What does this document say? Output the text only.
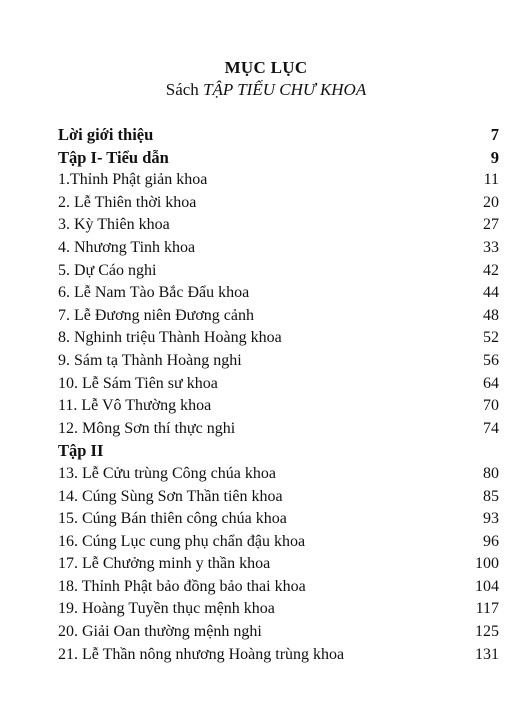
MỤC LỤC
Sách TẬP TIẾU CHƯ KHOA
Lời giới thiệu	7
Tập I- Tiểu dẫn	9
1.Thỉnh Phật giản khoa	11
2. Lễ Thiên thời khoa	20
3. Kỳ Thiên khoa	27
4. Nhương Tinh khoa	33
5. Dự Cáo nghi	42
6. Lễ Nam Tào Bắc Đẩu khoa	44
7. Lễ Đương niên Đương cảnh	48
8. Nghinh triệu Thành Hoàng khoa	52
9. Sám tạ Thành Hoàng nghi	56
10. Lễ Sám Tiên sư khoa	64
11. Lễ Vô Thường khoa	70
12. Mông Sơn thí thực nghi	74
Tập II
13. Lễ Cửu trùng Công chúa khoa	80
14. Cúng Sùng Sơn Thần tiên khoa	85
15. Cúng Bán thiên công chúa khoa	93
16. Cúng Lục cung phụ chẩn đậu khoa	96
17. Lễ Chưởng minh y thần khoa	100
18. Thỉnh Phật bảo đồng bảo thai khoa	104
19. Hoàng Tuyền thục mệnh khoa	117
20. Giải Oan thường mệnh nghi	125
21. Lễ Thần nông nhương Hoàng trùng khoa	131
